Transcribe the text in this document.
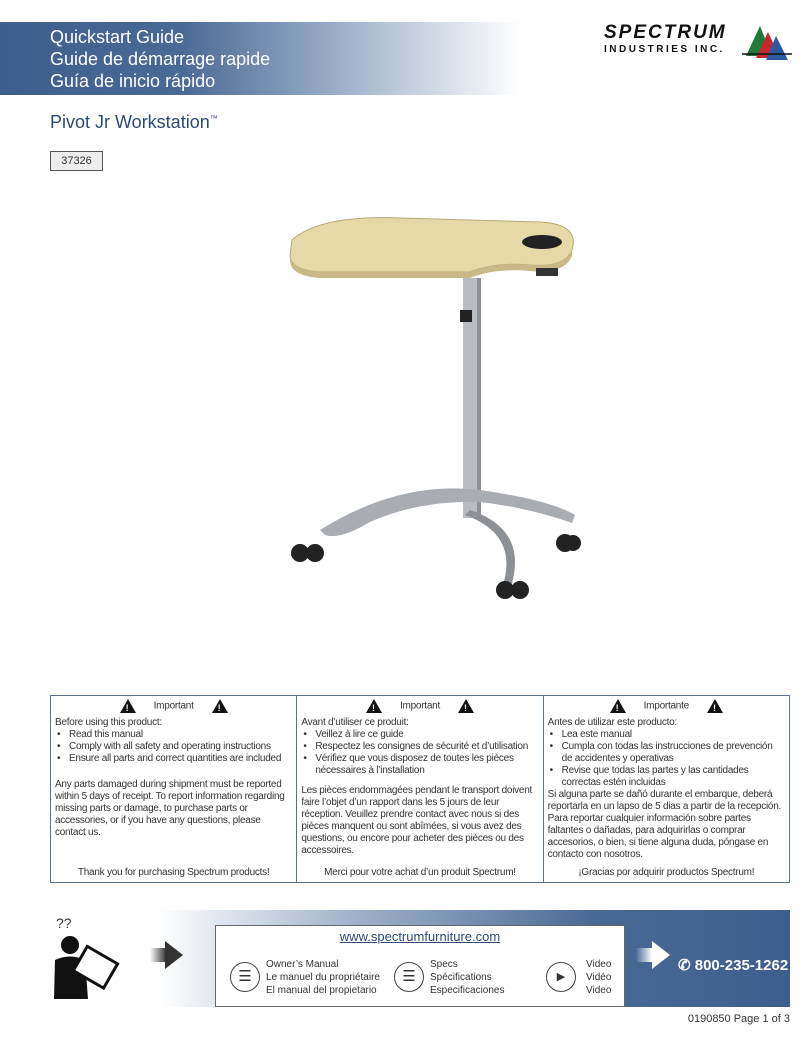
Quickstart Guide
Guide de démarrage rapide
Guía de inicio rápido
SPECTRUM
INDUSTRIES INC.
Pivot Jr Workstation™
37326
!Important!
Before using this product:
• Read this manual
• Comply with all safety and operating instructions
• Ensure all parts and correct quantities are included
Any parts damaged during shipment must be reported within 5 days of receipt. To report information regarding missing parts or damage, to purchase parts or accessories, or if you have any questions, please contact us.
Thank you for purchasing Spectrum products!
!Important!
Avant d’utiliser ce produit:
• Veillez à lire ce guide
• Respectez les consignes de sécurité et d’utilisation
• Vérifiez que vous disposez de toutes les pièces nécessaires à l’installation
Les pièces endommagées pendant le transport doivent faire l’objet d’un rapport dans les 5 jours de leur réception. Veuillez prendre contact avec nous si des pièces manquent ou sont abîmées, si vous avez des questions, ou encore pour acheter des pièces ou des accessoires.
Merci pour votre achat d’un produit Spectrum!
!Importante!
Antes de utilizar este producto:
• Lea este manual
• Cumpla con todas las instrucciones de prevención de accidentes y operativas
• Revise que todas las partes y las cantidades correctas estén incluidas
Si alguna parte se dañó durante el embarque, deberá reportarla en un lapso de 5 dias a partir de la recepción. Para reportar cualquier información sobre partes faltantes o dañadas, para adquirirlas o comprar accesorios, o bien, si tiene alguna duda, póngase en contacto con nosotros.
¡Gracias por adquirir productos Spectrum!
??
www.spectrumfurniture.com
☰
Owner’s Manual
Le manuel du propriétaire
El manual del propietario
☰
Specs
Spécifications
Especificaciones
▶
Video
Vidéo
Video
✆ 800-235-1262
0190850 Page 1 of 3
